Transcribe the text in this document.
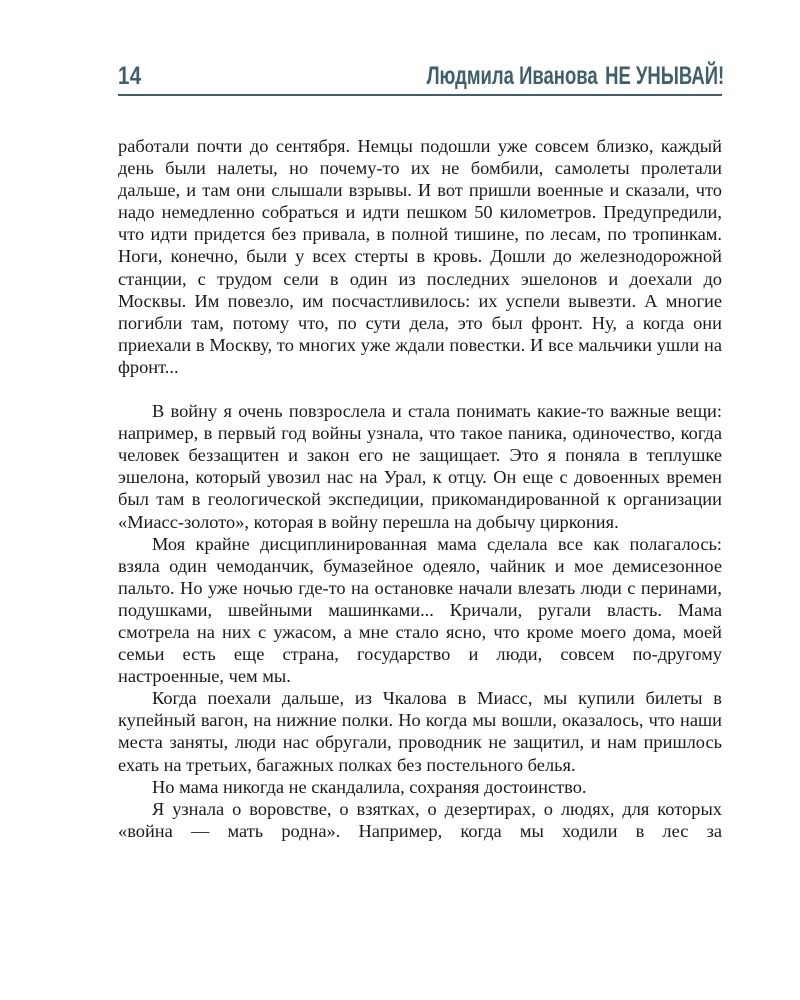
14	Людмила Иванова НЕ УНЫВАЙ!

работали почти до сентября. Немцы подошли уже совсем близко, каждый день были налеты, но почему-то их не бомбили, самолеты пролетали дальше, и там они слышали взрывы. И вот пришли военные и сказали, что надо немедленно собраться и идти пешком 50 километров. Предупредили, что идти придется без привала, в полной тишине, по лесам, по тропинкам. Ноги, конечно, были у всех стерты в кровь. Дошли до железнодорожной станции, с трудом сели в один из последних эшелонов и доехали до Москвы. Им повезло, им посчастливилось: их успели вывезти. А многие погибли там, потому что, по сути дела, это был фронт. Ну, а когда они приехали в Москву, то многих уже ждали повестки. И все мальчики ушли на фронт...

В войну я очень повзрослела и стала понимать какие-то важные вещи: например, в первый год войны узнала, что такое паника, одиночество, когда человек беззащитен и закон его не защищает. Это я поняла в теплушке эшелона, который увозил нас на Урал, к отцу. Он еще с довоенных времен был там в геологической экспедиции, прикомандированной к организации «Миасс-золото», которая в войну перешла на добычу циркония.

Моя крайне дисциплинированная мама сделала все как полагалось: взяла один чемоданчик, бумазейное одеяло, чайник и мое демисезонное пальто. Но уже ночью где-то на остановке начали влезать люди с перинами, подушками, швейными машинками... Кричали, ругали власть. Мама смотрела на них с ужасом, а мне стало ясно, что кроме моего дома, моей семьи есть еще страна, государство и люди, совсем по-другому настроенные, чем мы.

Когда поехали дальше, из Чкалова в Миасс, мы купили билеты в купейный вагон, на нижние полки. Но когда мы вошли, оказалось, что наши места заняты, люди нас обругали, проводник не защитил, и нам пришлось ехать на третьих, багажных полках без постельного белья.

Но мама никогда не скандалила, сохраняя достоинство.

Я узнала о воровстве, о взятках, о дезертирах, о людях, для которых «война — мать родна». Например, когда мы ходили в лес за
